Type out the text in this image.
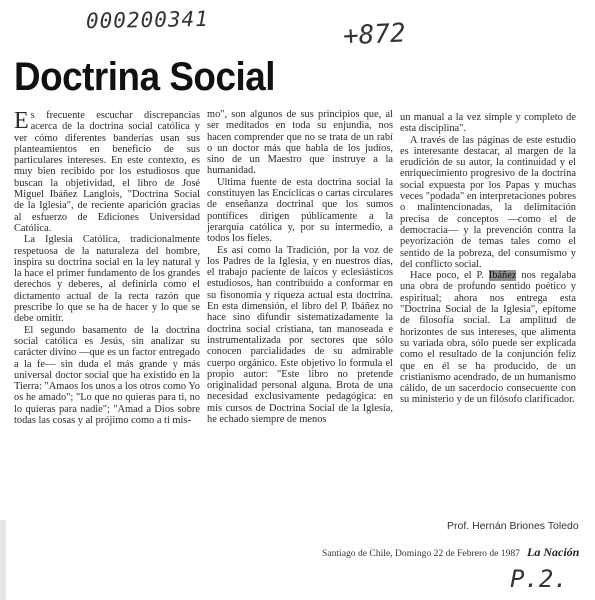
000200341	+872
Doctrina Social

Es frecuente escuchar discrepancias acerca de la doctrina social católica y ver cómo diferentes banderías usan sus planteamientos en beneficio de sus particulares intereses. En este contexto, es muy bien recibido por los estudiosos que buscan la objetividad, el libro de José Miguel Ibáñez Langlois, "Doctrina Social de la Iglesia", de reciente aparición gracias al esfuerzo de Ediciones Universidad Católica.

La Iglesia Católica, tradicionalmente respetuosa de la naturaleza del hombre, inspira su doctrina social en la ley natural y la hace el primer fundamento de los grandes derechos y deberes, al definirla como el dictamento actual de la recta razón que prescribe lo que se ha de hacer y lo que se debe omitir.

El segundo basamento de la doctrina social católica es Jesús, sin analizar su carácter divino —que es un factor entregado a la fe— sin duda el más grande y más universal doctor social que ha existido en la Tierra: "Amaos los unos a los otros como Yo os he amado"; "Lo que no quieras para ti, no lo quieras para nadie"; "Amad a Dios sobre todas las cosas y al prójimo como a ti mis-

mo", son algunos de sus principios que, al ser meditados en toda su enjundia, nos hacen comprender que no se trata de un rabí o un doctor más que habla de los judíos, sino de un Maestro que instruye a la humanidad.

Ultima fuente de esta doctrina social la constituyen las Encíclicas o cartas circulares de enseñanza doctrinal que los sumos pontífices dirigen públicamente a la jerarquía católica y, por su intermedio, a todos los fieles.

Es así como la Tradición, por la voz de los Padres de la Iglesia, y en nuestros días, el trabajo paciente de laicos y eclesiásticos estudiosos, han contribuido a conformar en su fisonomía y riqueza actual esta doctrina. En esta dimensión, el libro del P. Ibáñez no hace sino difundir sistematizadamente la doctrina social cristiana, tan manoseada e instrumentalizada por sectores que sólo conocen parcialidades de su admirable cuerpo orgánico. Este objetivo lo formula el propio autor: "Este libro no pretende originalidad personal alguna. Brota de una necesidad exclusivamente pedagógica: en mis cursos de Doctrina Social de la Iglesia, he echado siempre de menos

un manual a la vez simple y completo de esta disciplina".

A través de las páginas de este estudio es interesante destacar, al margen de la erudición de su autor, la continuidad y el enriquecimiento progresivo de la doctrina social expuesta por los Papas y muchas veces "podada" en interpretaciones pobres o malintencionadas, la delimitación precisa de conceptos —como el de democracia— y la prevención contra la peyorización de temas tales como el sentido de la pobreza, del consumismo y del conflicto social.

Hace poco, el P. Ibáñez nos regalaba una obra de profundo sentido poético y espiritual; ahora nos entrega esta "Doctrina Social de la Iglesia", epítome de filosofía social. La amplitud de horizontes de sus intereses, que alimenta su variada obra, sólo puede ser explicada como el resultado de la conjunción feliz que en él se ha producido, de un cristianismo acendrado, de un humanismo cálido, de un sacerdocio consecuente con su ministerio y de un filósofo clarificador.

Prof. Hernán Briones Toledo
Santiago de Chile, Domingo 22 de Febrero de 1987 La Nación
P.2.
